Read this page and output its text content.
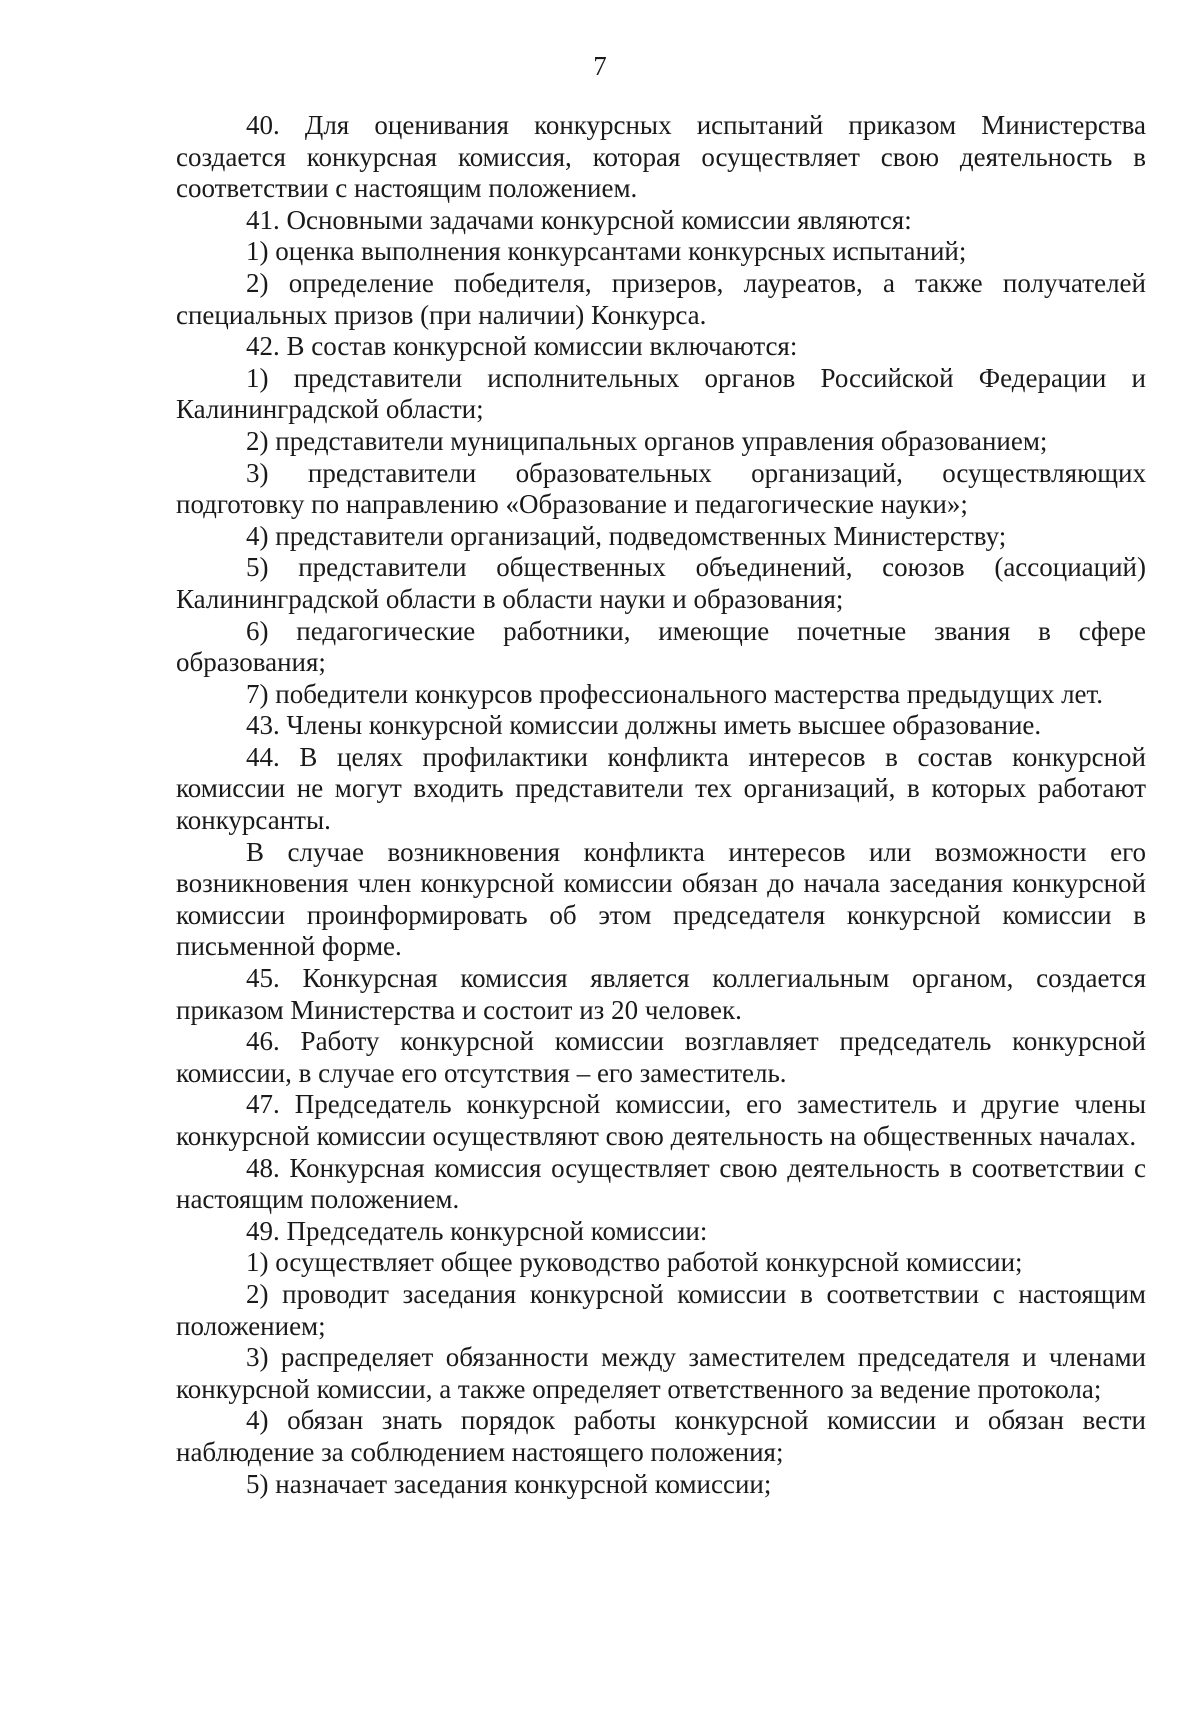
7

40. Для оценивания конкурсных испытаний приказом Министерства создается конкурсная комиссия, которая осуществляет свою деятельность в соответствии с настоящим положением.

41. Основными задачами конкурсной комиссии являются:

1) оценка выполнения конкурсантами конкурсных испытаний;

2) определение победителя, призеров, лауреатов, а также получателей специальных призов (при наличии) Конкурса.

42. В состав конкурсной комиссии включаются:

1) представители исполнительных органов Российской Федерации и Калининградской области;

2) представители муниципальных органов управления образованием;

3) представители образовательных организаций, осуществляющих подготовку по направлению «Образование и педагогические науки»;

4) представители организаций, подведомственных Министерству;

5) представители общественных объединений, союзов (ассоциаций) Калининградской области в области науки и образования;

6) педагогические работники, имеющие почетные звания в сфере образования;

7) победители конкурсов профессионального мастерства предыдущих лет.

43. Члены конкурсной комиссии должны иметь высшее образование.

44. В целях профилактики конфликта интересов в состав конкурсной комиссии не могут входить представители тех организаций, в которых работают конкурсанты.

В случае возникновения конфликта интересов или возможности его возникновения член конкурсной комиссии обязан до начала заседания конкурсной комиссии проинформировать об этом председателя конкурсной комиссии в письменной форме.

45. Конкурсная комиссия является коллегиальным органом, создается приказом Министерства и состоит из 20 человек.

46. Работу конкурсной комиссии возглавляет председатель конкурсной комиссии, в случае его отсутствия – его заместитель.

47. Председатель конкурсной комиссии, его заместитель и другие члены конкурсной комиссии осуществляют свою деятельность на общественных началах.

48. Конкурсная комиссия осуществляет свою деятельность в соответствии с настоящим положением.

49. Председатель конкурсной комиссии:

1) осуществляет общее руководство работой конкурсной комиссии;

2) проводит заседания конкурсной комиссии в соответствии с настоящим положением;

3) распределяет обязанности между заместителем председателя и членами конкурсной комиссии, а также определяет ответственного за ведение протокола;

4) обязан знать порядок работы конкурсной комиссии и обязан вести наблюдение за соблюдением настоящего положения;

5) назначает заседания конкурсной комиссии;
